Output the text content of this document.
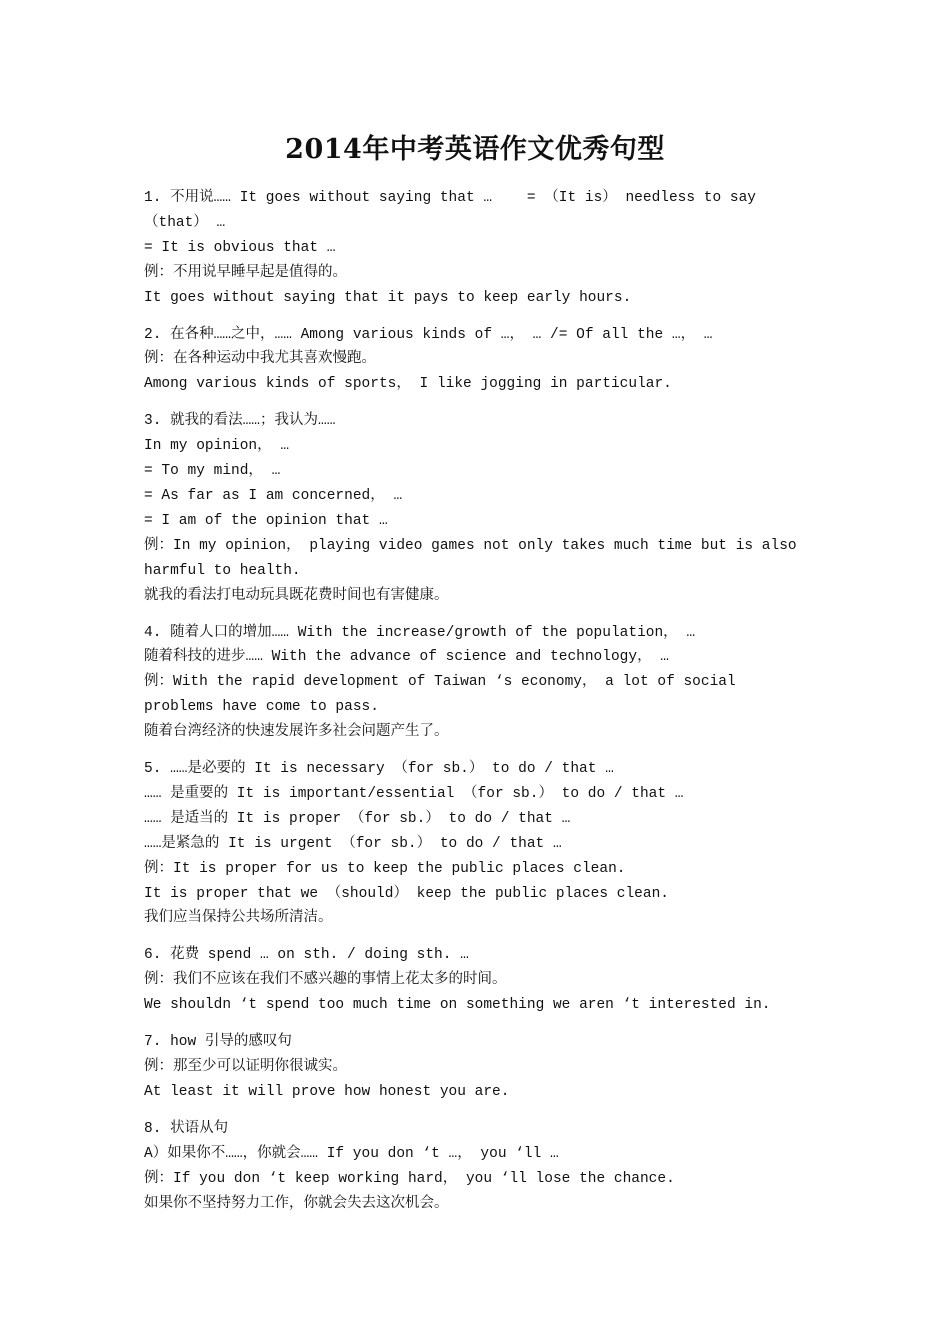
2014年中考英语作文优秀句型
1. 不用说…… It goes without saying that …    = （It is） needless to say （that） …
= It is obvious that …
例：不用说早睡早起是值得的。
It goes without saying that it pays to keep early hours.
2. 在各种……之中，…… Among various kinds of …， … /= Of all the …， …
例：在各种运动中我尤其喜欢慢跑。
Among various kinds of sports， I like jogging in particular.
3. 就我的看法……；我认为……
In my opinion， …
= To my mind， …
= As far as I am concerned， …
= I am of the opinion that …
例：In my opinion， playing video games not only takes much time but is also harmful to health.
就我的看法打电动玩具既花费时间也有害健康。
4. 随着人口的增加…… With the increase/growth of the population， …
随着科技的进步…… With the advance of science and technology， …
例：With the rapid development of Taiwan ‘s economy， a lot of social problems have come to pass.
随着台湾经济的快速发展许多社会问题产生了。
5. ……是必要的 It is necessary （for sb.） to do / that …
…… 是重要的 It is important/essential （for sb.） to do / that …
…… 是适当的 It is proper （for sb.） to do / that …
……是紧急的 It is urgent （for sb.） to do / that …
例：It is proper for us to keep the public places clean.
It is proper that we （should） keep the public places clean.
我们应当保持公共场所清洁。
6. 花费 spend … on sth. / doing sth. …
例：我们不应该在我们不感兴趣的事情上花太多的时间。
We shouldn ‘t spend too much time on something we aren ‘t interested in.
7. how 引导的感叹句
例：那至少可以证明你很诚实。
At least it will prove how honest you are.
8. 状语从句
A）如果你不……，你就会…… If you don ‘t …， you ‘ll …
例：If you don ‘t keep working hard， you ‘ll lose the chance.
如果你不坚持努力工作，你就会失去这次机会。
